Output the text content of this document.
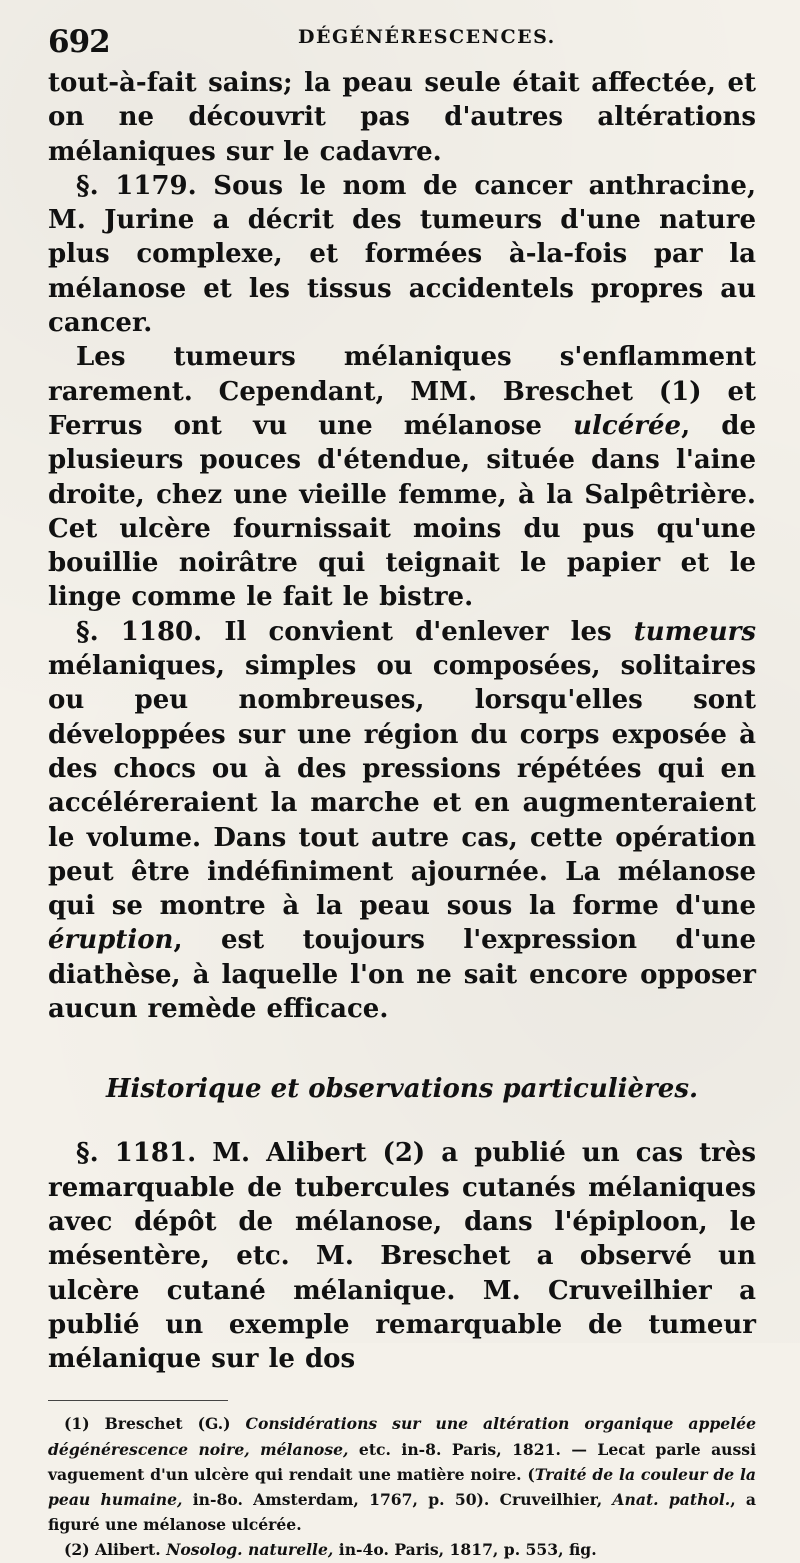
692	DÉGÉNÉRESCENCES.

tout-à-fait sains; la peau seule était affectée, et on ne découvrit pas d'autres altérations mélaniques sur le cadavre.

§. 1179. Sous le nom de cancer anthracine, M. Jurine a décrit des tumeurs d'une nature plus complexe, et formées à-la-fois par la mélanose et les tissus accidentels propres au cancer.

Les tumeurs mélaniques s'enflamment rarement. Cependant, MM. Breschet (1) et Ferrus ont vu une mélanose ulcérée, de plusieurs pouces d'étendue, située dans l'aine droite, chez une vieille femme, à la Salpêtrière. Cet ulcère fournissait moins du pus qu'une bouillie noirâtre qui teignait le papier et le linge comme le fait le bistre.

§. 1180. Il convient d'enlever les tumeurs mélaniques, simples ou composées, solitaires ou peu nombreuses, lorsqu'elles sont développées sur une région du corps exposée à des chocs ou à des pressions répétées qui en accéléreraient la marche et en augmenteraient le volume. Dans tout autre cas, cette opération peut être indéfiniment ajournée. La mélanose qui se montre à la peau sous la forme d'une éruption, est toujours l'expression d'une diathèse, à laquelle l'on ne sait encore opposer aucun remède efficace.

Historique et observations particulières.

§. 1181. M. Alibert (2) a publié un cas très remarquable de tubercules cutanés mélaniques avec dépôt de mélanose, dans l'épiploon, le mésentère, etc. M. Breschet a observé un ulcère cutané mélanique. M. Cruveilhier a publié un exemple remarquable de tumeur mélanique sur le dos

(1) Breschet (G.) Considérations sur une altération organique appelée dégénérescence noire, mélanose, etc. in-8. Paris, 1821. — Lecat parle aussi vaguement d'un ulcère qui rendait une matière noire. (Traité de la couleur de la peau humaine, in-8o. Amsterdam, 1767, p. 50). Cruveilhier, Anat. pathol., a figuré une mélanose ulcérée.

(2) Alibert. Nosolog. naturelle, in-4o. Paris, 1817, p. 553, fig.
